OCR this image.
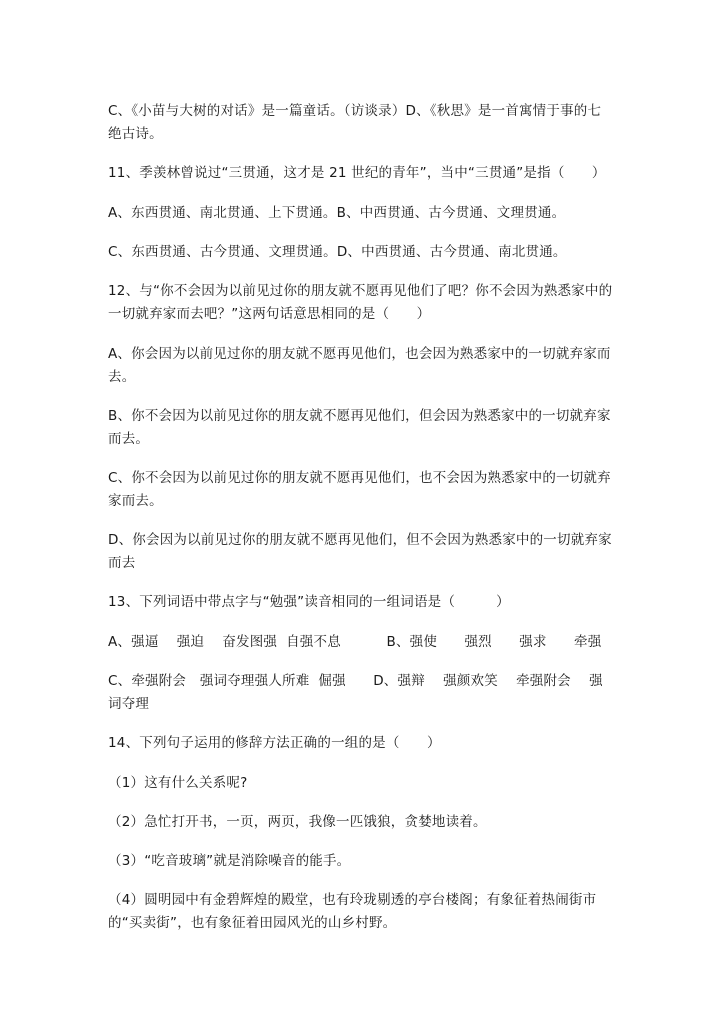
C、《小苗与大树的对话》是一篇童话。（访谈录）D、《秋思》是一首寓情于事的七绝古诗。

11、季羡林曾说过“三贯通，这才是 21 世纪的青年”，当中“三贯通”是指（　　）

A、东西贯通、南北贯通、上下贯通。B、中西贯通、古今贯通、文理贯通。

C、东西贯通、古今贯通、文理贯通。D、中西贯通、古今贯通、南北贯通。

12、与“你不会因为以前见过你的朋友就不愿再见他们了吧？你不会因为熟悉家中的一切就弃家而去吧？”这两句话意思相同的是（　　）

A、你会因为以前见过你的朋友就不愿再见他们，也会因为熟悉家中的一切就弃家而去。

B、你不会因为以前见过你的朋友就不愿再见他们，但会因为熟悉家中的一切就弃家而去。

C、你不会因为以前见过你的朋友就不愿再见他们，也不会因为熟悉家中的一切就弃家而去。

D、你会因为以前见过你的朋友就不愿再见他们，但不会因为熟悉家中的一切就弃家而去

13、下列词语中带点字与“勉强”读音相同的一组词语是（　　　）

A、强逼　 强迫　 奋发图强  自强不息　　　 B、强使　　强烈　　强求　　牵强

C、牵强附会　强词夺理强人所难  倔强　　D、强辩　 强颜欢笑　 牵强附会　 强词夺理

14、下列句子运用的修辞方法正确的一组的是（　　）

（1）这有什么关系呢?

（2）急忙打开书，一页，两页，我像一匹饿狼，贪婪地读着。

（3）“吃音玻璃”就是消除噪音的能手。

（4）圆明园中有金碧辉煌的殿堂，也有玲珑剔透的亭台楼阁；有象征着热闹街市的“买卖街”，也有象征着田园风光的山乡村野。
